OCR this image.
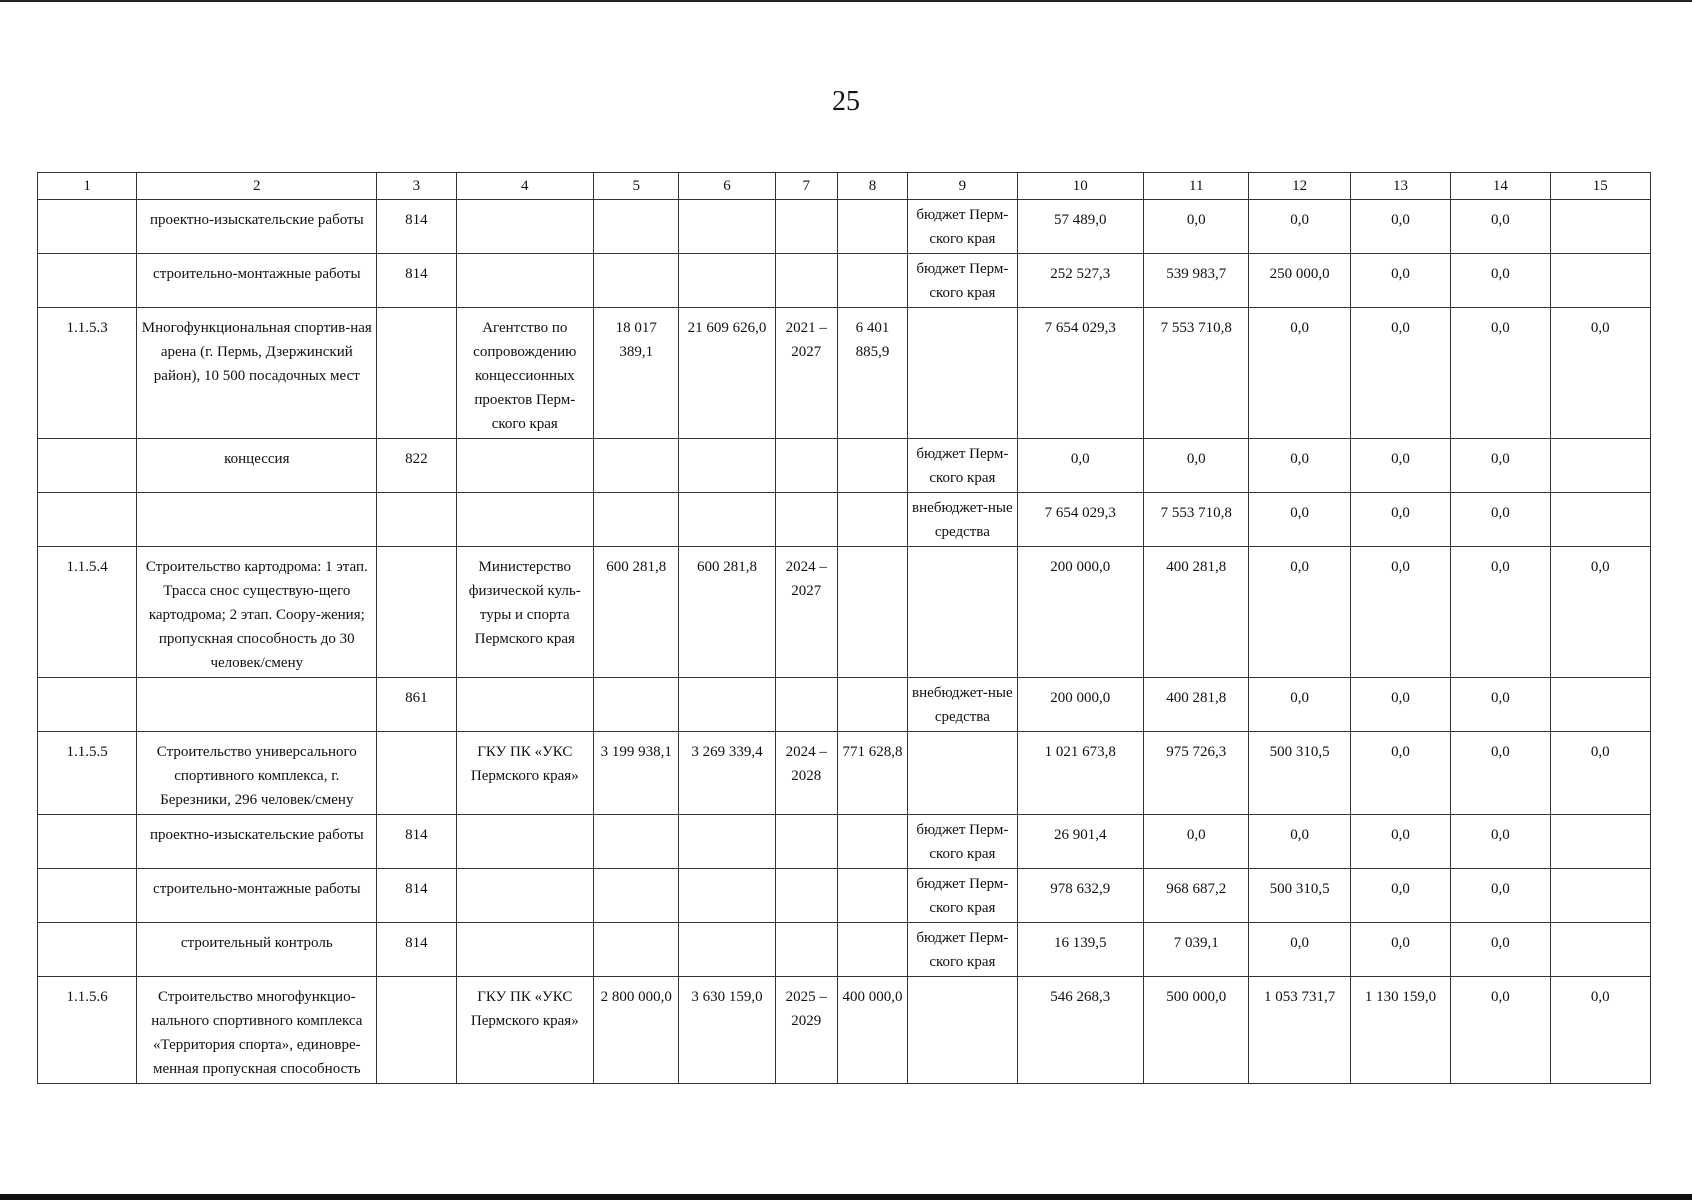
25
1	2	3	4	5	6	7	8	9	10	11	12	13	14	15
	проектно-изыскательские работы	814						бюджет Перм-ского края	57 489,0	0,0	0,0	0,0	0,0	
	строительно-монтажные работы	814						бюджет Перм-ского края	252 527,3	539 983,7	250 000,0	0,0	0,0	
1.1.5.3	Многофункциональная спортив-ная арена (г. Пермь, Дзержинский район), 10 500 посадочных мест		Агентство по сопровождению концессионных проектов Перм-ского края	18 017 389,1	21 609 626,0	2021 – 2027	6 401 885,9		7 654 029,3	7 553 710,8	0,0	0,0	0,0	0,0
	концессия	822						бюджет Перм-ского края	0,0	0,0	0,0	0,0	0,0	
								внебюджет-ные средства	7 654 029,3	7 553 710,8	0,0	0,0	0,0	
1.1.5.4	Строительство картодрома: 1 этап. Трасса снос существую-щего картодрома; 2 этап. Соору-жения; пропускная способность до 30 человек/смену		Министерство физической куль-туры и спорта Пермского края	600 281,8	600 281,8	2024 – 2027			200 000,0	400 281,8	0,0	0,0	0,0	0,0
		861						внебюджет-ные средства	200 000,0	400 281,8	0,0	0,0	0,0	
1.1.5.5	Строительство универсального спортивного комплекса, г. Березники, 296 человек/смену		ГКУ ПК «УКС Пермского края»	3 199 938,1	3 269 339,4	2024 – 2028	771 628,8		1 021 673,8	975 726,3	500 310,5	0,0	0,0	0,0
	проектно-изыскательские работы	814						бюджет Перм-ского края	26 901,4	0,0	0,0	0,0	0,0	
	строительно-монтажные работы	814						бюджет Перм-ского края	978 632,9	968 687,2	500 310,5	0,0	0,0	
	строительный контроль	814						бюджет Перм-ского края	16 139,5	7 039,1	0,0	0,0	0,0	
1.1.5.6	Строительство многофункцио-нального спортивного комплекса «Территория спорта», единовре-менная пропускная способность		ГКУ ПК «УКС Пермского края»	2 800 000,0	3 630 159,0	2025 – 2029	400 000,0		546 268,3	500 000,0	1 053 731,7	1 130 159,0	0,0	0,0
